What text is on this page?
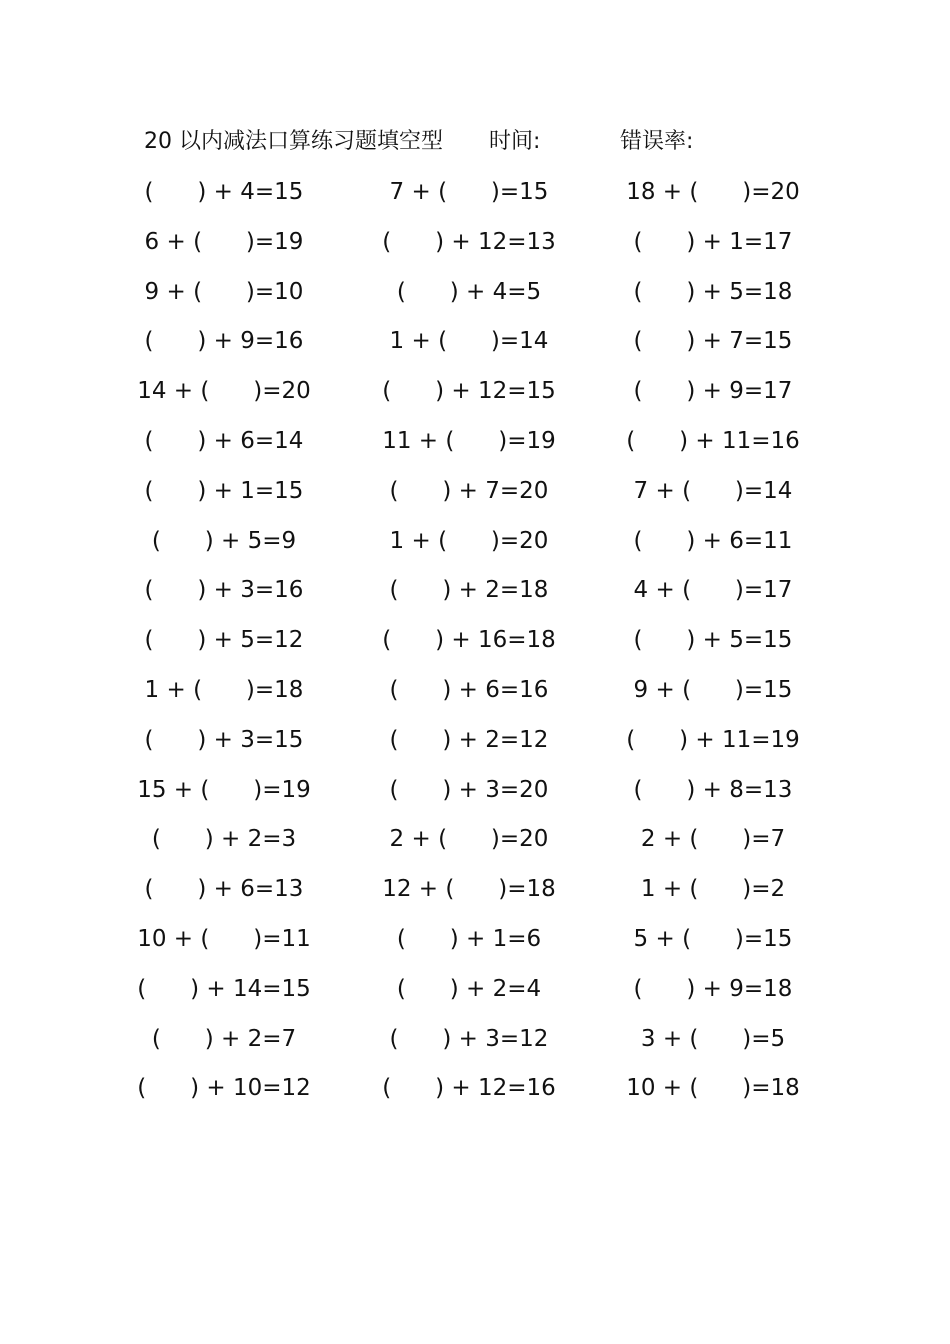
20 以内减法口算练习题填空型 时间:	错误率:
(      ) + 4=15	7 + (      )=15	18 + (      )=20
6 + (      )=19	(      ) + 12=13	(      ) + 1=17
9 + (      )=10	(      ) + 4=5	(      ) + 5=18
(      ) + 9=16	1 + (      )=14	(      ) + 7=15
14 + (      )=20	(      ) + 12=15	(      ) + 9=17
(      ) + 6=14	11 + (      )=19	(      ) + 11=16
(      ) + 1=15	(      ) + 7=20	7 + (      )=14
(      ) + 5=9	1 + (      )=20	(      ) + 6=11
(      ) + 3=16	(      ) + 2=18	4 + (      )=17
(      ) + 5=12	(      ) + 16=18	(      ) + 5=15
1 + (      )=18	(      ) + 6=16	9 + (      )=15
(      ) + 3=15	(      ) + 2=12	(      ) + 11=19
15 + (      )=19	(      ) + 3=20	(      ) + 8=13
(      ) + 2=3	2 + (      )=20	2 + (      )=7
(      ) + 6=13	12 + (      )=18	1 + (      )=2
10 + (      )=11	(      ) + 1=6	5 + (      )=15
(      ) + 14=15	(      ) + 2=4	(      ) + 9=18
(      ) + 2=7	(      ) + 3=12	3 + (      )=5
(      ) + 10=12	(      ) + 12=16	10 + (      )=18
